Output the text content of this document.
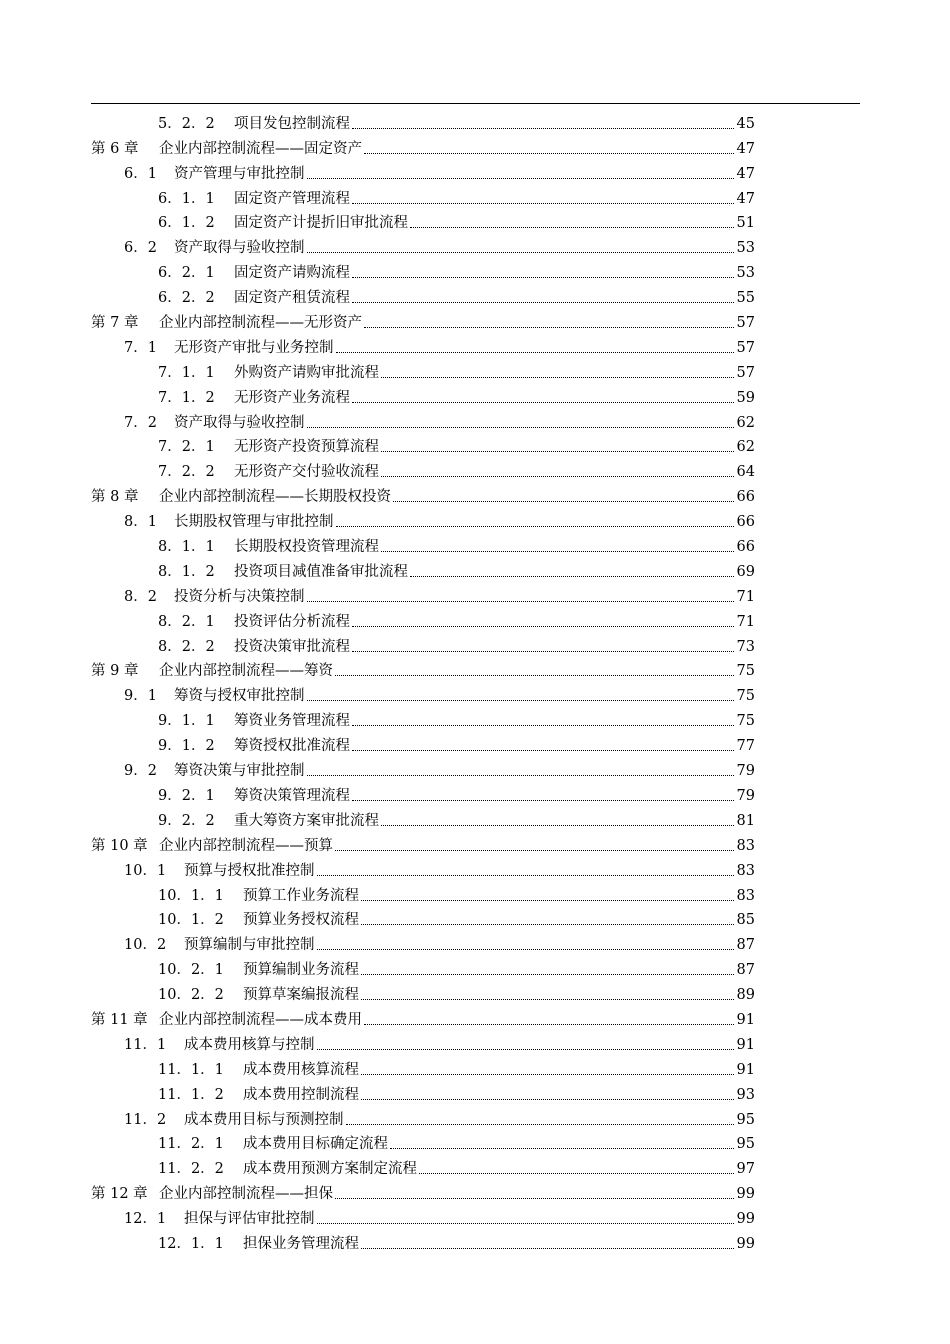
5．2．2	项目发包控制流程	45
第 6 章	企业内部控制流程——固定资产	47
6．1	资产管理与审批控制	47
6．1．1	固定资产管理流程	47
6．1．2	固定资产计提折旧审批流程	51
6．2	资产取得与验收控制	53
6．2．1	固定资产请购流程	53
6．2．2	固定资产租赁流程	55
第 7 章	企业内部控制流程——无形资产	57
7．1	无形资产审批与业务控制	57
7．1．1	外购资产请购审批流程	57
7．1．2	无形资产业务流程	59
7．2	资产取得与验收控制	62
7．2．1	无形资产投资预算流程	62
7．2．2	无形资产交付验收流程	64
第 8 章	企业内部控制流程——长期股权投资	66
8．1	长期股权管理与审批控制	66
8．1．1	长期股权投资管理流程	66
8．1．2	投资项目减值准备审批流程	69
8．2	投资分析与决策控制	71
8．2．1	投资评估分析流程	71
8．2．2	投资决策审批流程	73
第 9 章	企业内部控制流程——筹资	75
9．1	筹资与授权审批控制	75
9．1．1	筹资业务管理流程	75
9．1．2	筹资授权批准流程	77
9．2	筹资决策与审批控制	79
9．2．1	筹资决策管理流程	79
9．2．2	重大筹资方案审批流程	81
第 10 章 企业内部控制流程——预算	83
10．1	预算与授权批准控制	83
10．1．1	预算工作业务流程	83
10．1．2	预算业务授权流程	85
10．2	预算编制与审批控制	87
10．2．1	预算编制业务流程	87
10．2．2	预算草案编报流程	89
第 11 章 企业内部控制流程——成本费用	91
11．1	成本费用核算与控制	91
11．1．1	成本费用核算流程	91
11．1．2	成本费用控制流程	93
11．2	成本费用目标与预测控制	95
11．2．1	成本费用目标确定流程	95
11．2．2	成本费用预测方案制定流程	97
第 12 章 企业内部控制流程——担保	99
12．1	担保与评估审批控制	99
12．1．1	担保业务管理流程	99
